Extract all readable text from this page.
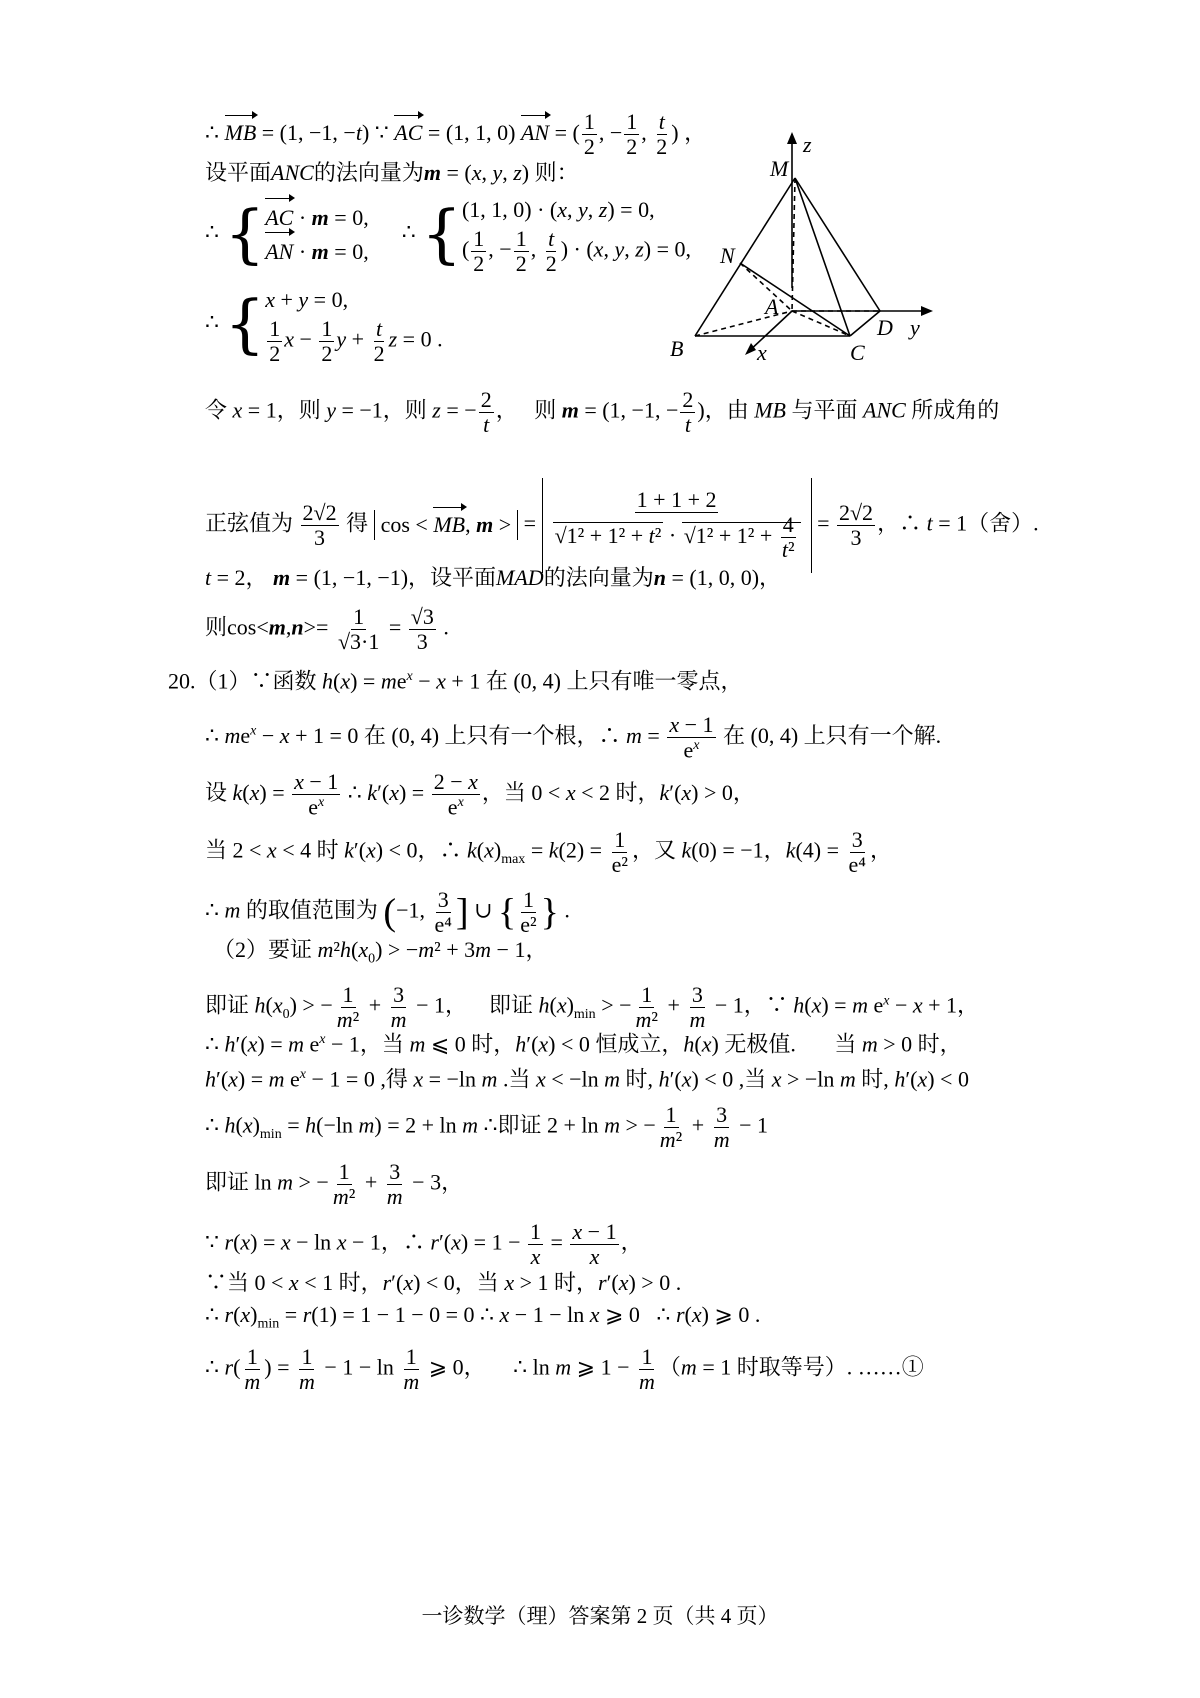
∴ MB = (1, −1, −t) ∵ AC = (1, 1, 0) AN = ( $\frac{1}{2}$ , − $\frac{1}{2}$ , $\frac{t}{2}$ ) ，
设平面ANC的法向量为m = (x, y, z) 则：
∴ { AC · m = 0,
AN · m = 0,
∴ { (1, 1, 0) · (x, y, z) = 0,
( $\frac{1}{2}$ , − $\frac{1}{2}$ , $\frac{t}{2}$ ) · (x, y, z) = 0,
∴ { x + y = 0,
$\frac{1}{2}$ $x - \frac{1}{2}$ $y + \frac{t}{2}$ z = 0 .
令 x = 1，则 y = −1，则 z = − $\frac{2}{t}$ ，   则 m = (1, −1, − $\frac{2}{t}$ )，由 MB 与平面 ANC 所成角的
正弦值为 $\frac{2√2}{3}$ 得 cos < MB, m > = $\frac{1 + 1 + 2}{√1^2 + 1^2 + t^2 \cdot √1^2 + 1^2 + \frac{4}{\text{t²}}} = \frac{2√2}{3}$ ，∴ t = 1（舍）.
t = 2， m = (1, −1, −1)，设平面MAD的法向量为n = (1, 0, 0)，
则$\cos<m,n>= \frac{1}{√3\cdot 1} = \frac{√3}{3}$ .
20.（1）∵函数 $h(x) = me^x - x + 1$ 在 (0, 4) 上只有唯一零点，
∴ $me^x - x + 1 = 0$ 在 (0, 4) 上只有一个根，∴ $m = \frac{x - 1}{e^x}$ 在 (0, 4) 上只有一个解.
设 $k(x) = \frac{x - 1}{e^x}$ ∴ $k'(x) = \frac{2 - x}{e^x}$ ，当 0 < x < 2 时，k′(x) > 0，
当 2 < x < 4 时 k′(x) < 0，∴ $k(x)_{max} = k(2) = \frac{1}{\text{e²}}$ ，又 k(0) = −1，$k(4) = \frac{3}{\text{e⁴}}$ ，
∴ m 的取值范围为 (−1, $\frac{3}{\text{e⁴}}$ ] ∪ { $\frac{1}{\text{e²}}$ } .
（2）要证 $m^2h(x_0) > -m^2 + 3m - 1$，
即证 $h(x_0)$ > − $\frac{1}{\text{m²}} + \frac{3}{m} - 1$，    即证 $h(x)_{min}$ > − $\frac{1}{\text{m²}} + \frac{3}{m} - 1$，∵ h(x) = m $e^x - x + 1$，
∴ h′(x) = m $e^x - 1$，当 m ⩽ 0 时，h′(x) < 0 恒成立，h(x) 无极值.       当 m > 0 时，
h′(x) = m $e^x - 1 = 0$ ,得 x = −ln m .当 x < −ln m 时, h′(x) < 0 ,当 x > −ln m 时, h′(x) < 0
∴ $h(x)_{min} = h(-\ln$ m) = 2 + ln m ∴即证 2 + ln m > − $\frac{1}{\text{m²}} + \frac{3}{m} - 1$
即证 ln m > − $\frac{1}{\text{m²}} + \frac{3}{m} - 3$，
∵ r(x) = x − ln x − 1，∴ $r'(x) = 1 - \frac{1}{x} = \frac{x - 1}{x}$ ，
∵当 0 < x < 1 时，r′(x) < 0，当 x > 1 时，r′(x) > 0 .
∴ $r(x)_{min} = r(1) = 1 - 1 - 0 = 0$ ∴ x − 1 − ln x ⩾ 0   ∴ r(x) ⩾ 0 .
∴ $r( \frac{1}{m}$ ) = $\frac{1}{m} - 1 - \ln \frac{1}{m}$ ⩾ 0，     ∴ ln m ⩾ $1 - \frac{1}{m} (m = 1$ 时取等号）. ……①
M
z
N
A
D y
B	x	C
一诊数学（理）答案第 2 页（共 4 页）
